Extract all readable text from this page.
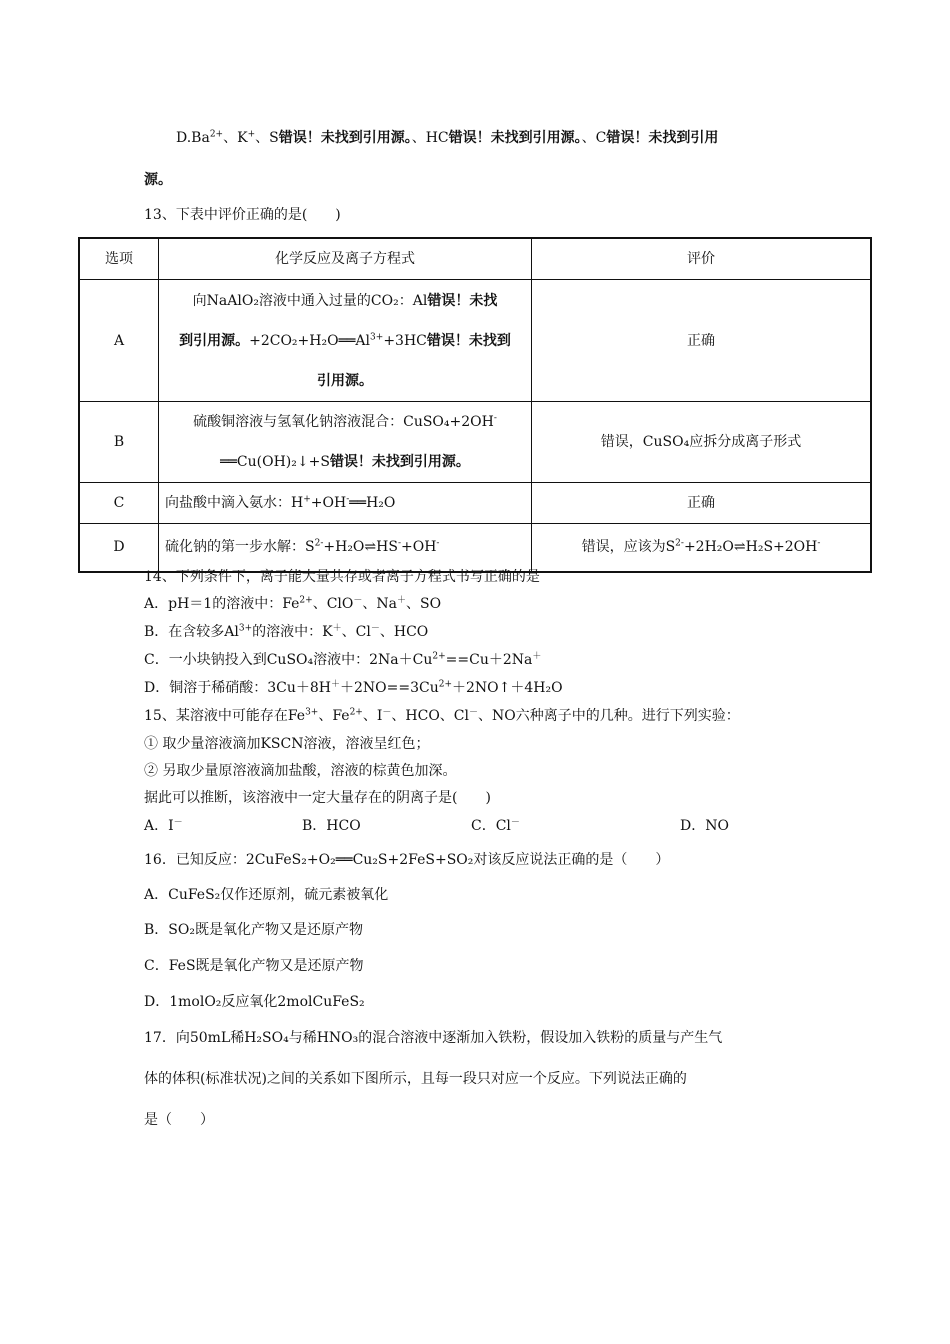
$D.Ba^{2+}$、K+、S错误！未找到引用源。、HC错误！未找到引用源。、C错误！未找到引用
源。
13、下表中评价正确的是(　　)
选项	化学反应及离子方程式	评价
A	向NaAlO₂溶液中通入过量的CO₂：Al错误！未找
到引用源。$+2CO_2+H_2O══Al^{3+}+3HC$错误！未找到
引用源。	正确
B	硫酸铜溶液与氢氧化钠溶液混合：CuSO₄+2OH-
══Cu(OH)₂↓+S错误！未找到引用源。	错误，CuSO₄应拆分成离子形式
C	向盐酸中滴入氨水：H++OH-══H₂O	正确
D	硫化钠的第一步水解：$S^{2-}+H_2O\rightleftharpoons HS^-+OH^-$	错误，应该为$S^{2-}+2H_2O\rightleftharpoons H_2S+2OH^-$
14、下列条件下，离子能大量共存或者离子方程式书写正确的是
A．pH＝1的溶液中：$Fe^{2+}$、ClO－、Na＋、SO
B．在含较多$Al^{3+}$的溶液中：K＋、Cl－、HCO
C．一小块钠投入到CuSO₄溶液中：$2Na+Cu^{2+}==Cu+2Na^+$
D．铜溶于稀硝酸：$3Cu+8H^++2NO==3Cu^{2+}+2NO↑+4H_2O$
15、某溶液中可能存在$Fe^{3+}$、$Fe^{2+}$、I－、HCO、Cl－、NO六种离子中的几种。进行下列实验：
① 取少量溶液滴加KSCN溶液，溶液呈红色；
② 另取少量原溶液滴加盐酸，溶液的棕黄色加深。
据此可以推断，该溶液中一定大量存在的阴离子是(　　)
A．I－	B．HCO	C．Cl－	D．NO
16．已知反应：2CuFeS₂+O₂══Cu₂S+2FeS+SO₂对该反应说法正确的是（　　）
A．CuFeS₂仅作还原剂，硫元素被氧化
B．SO₂既是氧化产物又是还原产物
C．FeS既是氧化产物又是还原产物
D．1molO₂反应氧化2molCuFeS₂
17．向50mL稀H₂SO₄与稀HNO₃的混合溶液中逐渐加入铁粉，假设加入铁粉的质量与产生气
体的体积(标准状况)之间的关系如下图所示，且每一段只对应一个反应。下列说法正确的
是（　　）
